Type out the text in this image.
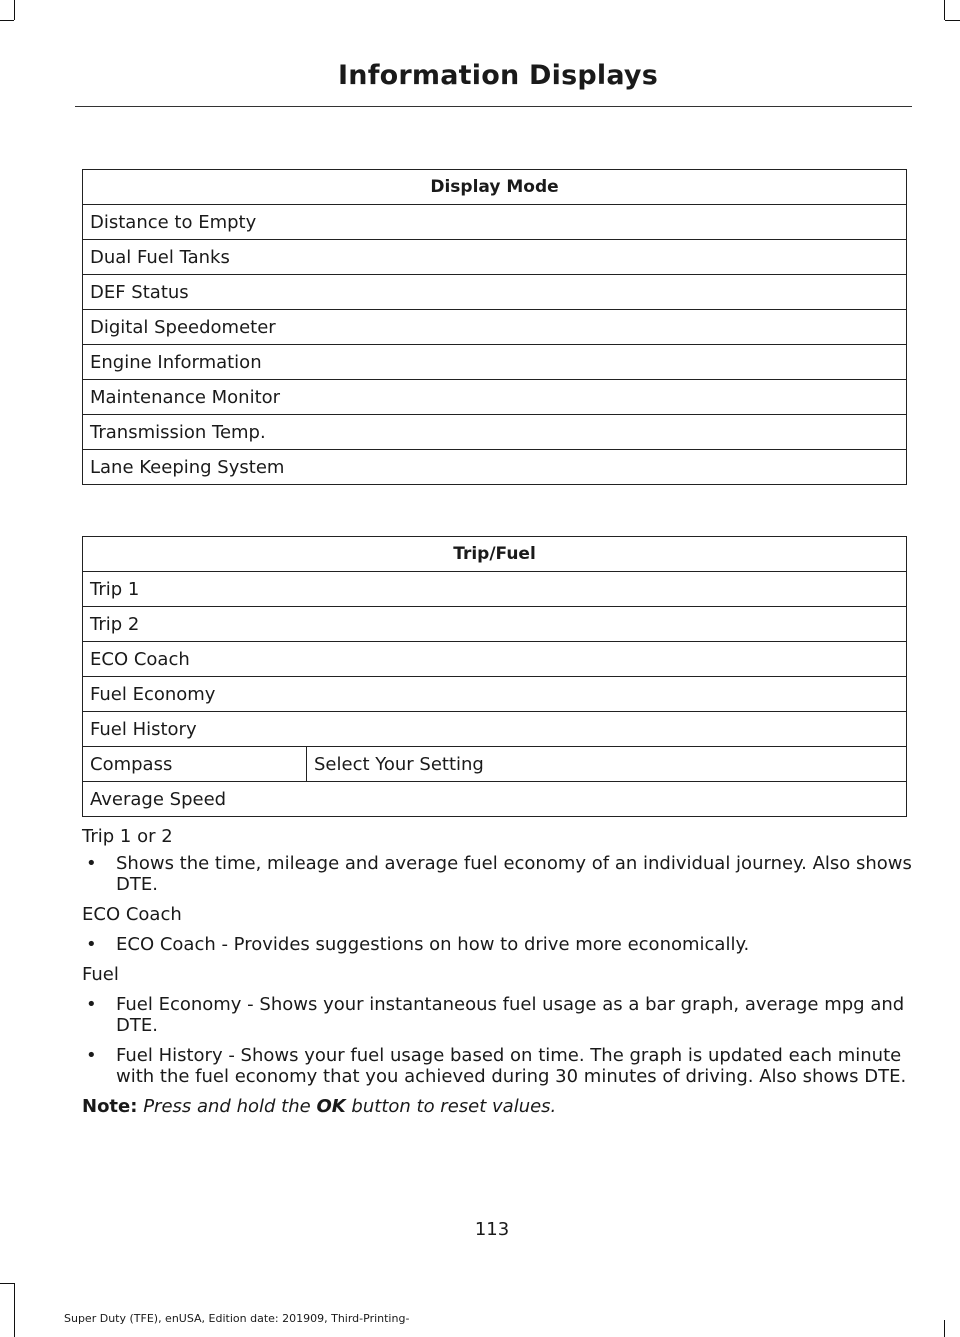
Information Displays
Display Mode
Distance to Empty
Dual Fuel Tanks
DEF Status
Digital Speedometer
Engine Information
Maintenance Monitor
Transmission Temp.
Lane Keeping System
Trip/Fuel
Trip 1
Trip 2
ECO Coach
Fuel Economy
Fuel History
Compass	Select Your Setting
Average Speed

Trip 1 or 2

• Shows the time, mileage and average fuel economy of an individual journey. Also shows DTE.

ECO Coach

• ECO Coach - Provides suggestions on how to drive more economically.

Fuel

• Fuel Economy - Shows your instantaneous fuel usage as a bar graph, average mpg and DTE.

• Fuel History - Shows your fuel usage based on time. The graph is updated each minute with the fuel economy that you achieved during 30 minutes of driving. Also shows DTE.

Note: Press and hold the OK button to reset values.

113
Super Duty (TFE), enUSA, Edition date: 201909, Third-Printing-
